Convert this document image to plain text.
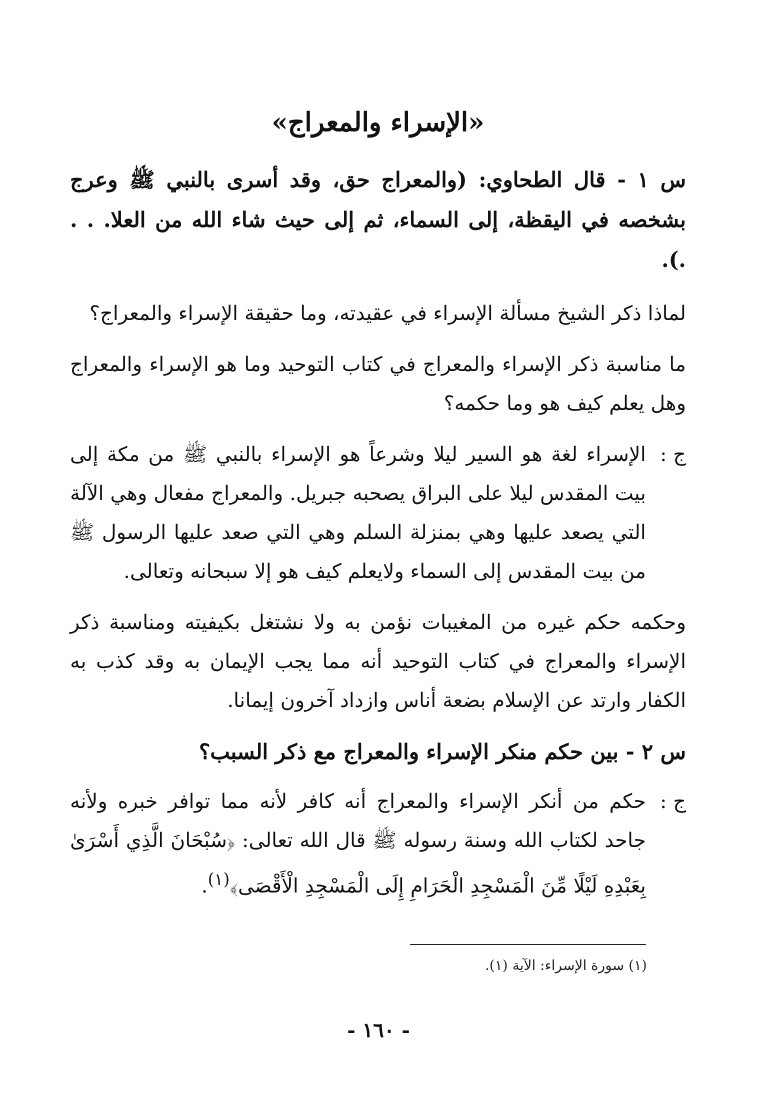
«الإسراء والمعراج»
س ١ - قال الطحاوي: (والمعراج حق، وقد أسرى بالنبي ﷺ وعرج بشخصه في اليقظة، إلى السماء، ثم إلى حيث شاء الله من العلا. . . .).
لماذا ذكر الشيخ مسألة الإسراء في عقيدته، وما حقيقة الإسراء والمعراج؟
ما مناسبة ذكر الإسراء والمعراج في كتاب التوحيد وما هو الإسراء والمعراج وهل يعلم كيف هو وما حكمه؟
ج :
الإسراء لغة هو السير ليلا وشرعاً هو الإسراء بالنبي ﷺ من مكة إلى بيت المقدس ليلا على البراق يصحبه جبريل. والمعراج مفعال وهي الآلة التي يصعد عليها وهي بمنزلة السلم وهي التي صعد عليها الرسول ﷺ من بيت المقدس إلى السماء ولايعلم كيف هو إلا سبحانه وتعالى.
وحكمه حكم غيره من المغيبات نؤمن به ولا نشتغل بكيفيته ومناسبة ذكر الإسراء والمعراج في كتاب التوحيد أنه مما يجب الإيمان به وقد كذب به الكفار وارتد عن الإسلام بضعة أناس وازداد آخرون إيمانا.
س ٢ - بين حكم منكر الإسراء والمعراج مع ذكر السبب؟
ج :
حكم من أنكر الإسراء والمعراج أنه كافر لأنه مما توافر خبره ولأنه جاحد لكتاب الله وسنة رسوله ﷺ قال الله تعالى: ﴿سُبْحَانَ الَّذِي أَسْرَىٰ بِعَبْدِهِ لَيْلًا مِّنَ الْمَسْجِدِ الْحَرَامِ إِلَى الْمَسْجِدِ الْأَقْصَى﴾$^{(١)}$.
(١) سورة الإسراء: الآية (١).
- ١٦٠ -
